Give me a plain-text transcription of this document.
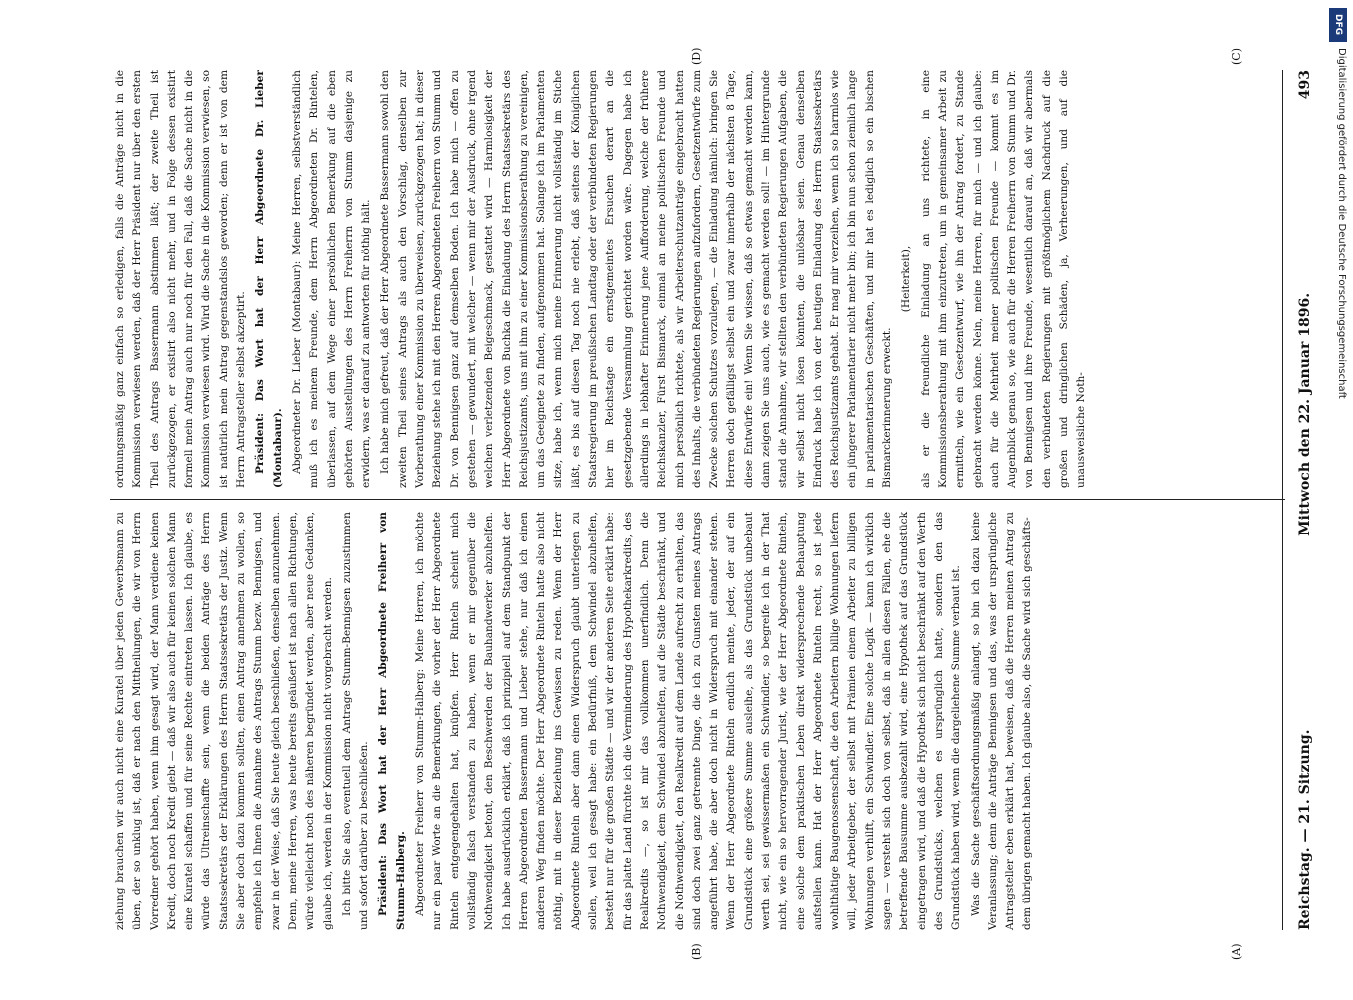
Reichstag. — 21. Sitzung.
Mittwoch den 22. Januar 1896.
493

ziehung brauchen wir auch nicht eine Kuratel über jeden Gewerbsmann zu üben, der so unklug ist, daß er nach den Mittheilungen, die wir von Herrn Vorredner gehört haben, wenn ihm gesagt wird, der Mann verdiene keinen Kredit, doch noch Kredit giebt — daß wir also auch für keinen solchen Mann eine Kuratel schaffen und für seine Rechte eintreten lassen. Ich glaube, es würde das Ultreinschaffte sein, wenn die beiden Anträge des Herrn Staatssekretärs der Erklärungen des Herrn Staatssekretärs der Justiz. Wenn Sie aber doch dazu kommen sollten, einen Antrag annehmen zu wollen, so empfehle ich Ihnen die Annahme des Antrags Stumm bezw. Bennigsen, und zwar in der Weise, daß Sie heute gleich beschließen, denselben anzunehmen. Denn, meine Herren, was heute bereits geäußert ist nach allen Richtungen, würde vielleicht noch des näheren begründet werden, aber neue Gedanken, glaube ich, werden in der Kommission nicht vorgebracht werden. Ich bitte Sie also, eventuell dem Antrage Stumm-Bennigsen zuzustimmen und sofort darüber zu beschließen. Präsident: Das Wort hat der Herr Abgeordnete Freiherr von Stumm-Halberg. Abgeordneter Freiherr von Stumm-Halberg: Meine Herren, ich möchte nur ein paar Worte an die Bemerkungen, die vorher der Herr Abgeordnete Rinteln entgegengehalten hat, knüpfen. Herr Rinteln scheint mich vollständig falsch verstanden zu haben, wenn er mir gegenüber die Nothwendigkeit betont, den Beschwerden der Bauhandwerker abzuhelfen. Ich habe ausdrücklich erklärt, daß ich prinzipiell auf dem Standpunkt der Herren Abgeordneten Bassermann und Lieber stehe, nur daß ich einen anderen Weg finden möchte. Der Herr Abgeordnete Rinteln hatte also nicht nöthig, mit in dieser Beziehung ins Gewissen zu reden. Wenn der Herr Abgeordnete Rinteln aber dann einen Widerspruch glaubt unterlegen zu sollen, weil ich gesagt habe: ein Bedürfniß, dem Schwindel abzuhelfen, besteht nur für die großen Städte — und wir der anderen Seite erklärt habe: für das platte Land fürchte ich die Verminderung des Hypothekarkredits, des Realkredits —, so ist mir das vollkommen unerfindlich. Denn die Nothwendigkeit, dem Schwindel abzuhelfen, auf die Städte beschränkt, und die Nothwendigkeit, den Realkredit auf dem Lande aufrecht zu erhalten, das sind doch zwei ganz getrennte Dinge, die ich zu Gunsten meines Antrags angeführt habe, die aber doch nicht in Widerspruch mit einander stehen. Wenn der Herr Abgeordnete Rinteln endlich meinte, jeder, der auf ein Grundstück eine größere Summe ausleihe, als das Grundstück unbebaut werth sei, sei gewissermaßen ein Schwindler, so begreife ich in der That nicht, wie ein so hervorragender Jurist, wie der Herr Abgeordnete Rinteln, eine solche dem praktischen Leben direkt widersprechende Behauptung aufstellen kann. Hat der Herr Abgeordnete Rinteln recht, so ist jede wohlthätige Baugenossenschaft, die den Arbeitern billige Wohnungen liefern will, jeder Arbeitgeber, der selbst mit Prämien einem Arbeiter zu billigen Wohnungen verhilft, ein Schwindler. Eine solche Logik — kann ich wirklich sagen — versteht sich doch von selbst, daß in allen diesen Fällen, ehe die betreffende Bausumme ausbezahlt wird, eine Hypothek auf das Grundstück eingetragen wird, und daß die Hypothek sich nicht beschränkt auf den Werth des Grundstücks, welchen es ursprünglich hatte, sondern den das Grundstück haben wird, wenn die dargeliehene Summe verbaut ist. Was die Sache geschäftsordnungsmäßig anlangt, so bin ich dazu keine Veranlassung; denn die Anträge Bennigsen und das, was der ursprüngliche Antragsteller eben erklärt hat, beweisen, daß die Herren meinen Antrag zu dem übrigen gemacht haben. Ich glaube also, die Sache wird sich geschäfts-

ordnungsmäßig ganz einfach so erledigen, falls die Anträge nicht in die Kommission verwiesen werden, daß der Herr Präsident nur über den ersten Theil des Antrags Bassermann abstimmen läßt; der zweite Theil ist zurückgezogen, er existirt also nicht mehr, und in Folge dessen existirt formell mein Antrag auch nur noch für den Fall, daß die Sache nicht in die Kommission verwiesen wird. Wird die Sache in die Kommission verwiesen, so ist natürlich mein Antrag gegenstandslos geworden; denn er ist von dem Herrn Antragsteller selbst akzeptirt. Präsident: Das Wort hat der Herr Abgeordnete Dr. Lieber (Montabaur). Abgeordneter Dr. Lieber (Montabaur): Meine Herren, selbstverständlich muß ich es meinem Freunde, dem Herrn Abgeordneten Dr. Rintelen, überlassen, auf dem Wege einer persönlichen Bemerkung auf die eben gehörten Ausstellungen des Herrn Freiherrn von Stumm dasjenige zu erwidern, was er darauf zu antworten für nöthig hält. Ich habe mich gefreut, daß der Herr Abgeordnete Bassermann sowohl den zweiten Theil seines Antrags als auch den Vorschlag, denselben zur Vorberathung einer Kommission zu überweisen, zurückgezogen hat; in dieser Beziehung stehe ich mit den Herren Abgeordneten Freiherrn von Stumm und Dr. von Bennigsen ganz auf demselben Boden. Ich habe mich — offen zu gestehen — gewundert, mit welcher — wenn mir der Ausdruck, ohne irgend welchen verletzenden Beigeschmack, gestattet wird — Harmlosigkeit der Herr Abgeordnete von Buchka die Einladung des Herrn Staatssekretärs des Reichsjustizamts, uns mit ihm zu einer Kommissionsberathung zu vereinigen, um das Geeignete zu finden, aufgenommen hat. Solange ich im Parlamenten sitze, habe ich, wenn mich meine Erinnerung nicht vollständig im Stiche läßt, es bis auf diesen Tag noch nie erlebt, daß seitens der Königlichen Staatsregierung im preußischen Landtag oder der verbündeten Regierungen hier im Reichstage ein ernstgemeintes Ersuchen derart an die gesetzgebende Versammlung gerichtet worden wäre. Dagegen habe ich allerdings in lebhafter Erinnerung jene Aufforderung, welche der frühere Reichskanzler, Fürst Bismarck, einmal an meine politischen Freunde und mich persönlich richtete, als wir Arbeiterschutzanträge eingebracht hatten des Inhalts, die verbündeten Regierungen aufzufordern, Gesetzentwürfe zum Zwecke solchen Schutzes vorzulegen, — die Einladung nämlich: bringen Sie Herren doch gefälligst selbst ein und zwar innerhalb der nächsten 8 Tage, diese Entwürfe ein! Wenn Sie wissen, daß so etwas gemacht werden kann, dann zeigen Sie uns auch, wie es gemacht werden soll! — im Hintergrunde stand die Annahme, wir stellten den verbündeten Regierungen Aufgaben, die wir selbst nicht lösen könnten, die unlösbar seien. Genau denselben Eindruck habe ich von der heutigen Einladung des Herrn Staatssekretärs des Reichsjustizamts gehabt. Er mag mir verzeihen, wenn ich so harmlos wie ein jüngerer Parlamentarier nicht mehr bin; ich bin nun schon ziemlich lange in parlamentarischen Geschäften, und mir hat es lediglich so ein bischen Bismarckerinnerung erweckt.

(Heiterkeit), als er die freundliche Einladung an uns richtete, in eine Kommissionsberathung mit ihm einzutreten, um in gemeinsamer Arbeit zu ermitteln, wie ein Gesetzentwurf, wie ihn der Antrag fordert, zu Stande gebracht werden könne. Nein, meine Herren, für mich — und ich glaube: auch für die Mehrheit meiner politischen Freunde — kommt es im Augenblick genau so, wie auch für die Herren Freiherrn von Stumm und Dr. von Bennigsen und ihre Freunde, wesentlich darauf an, daß wir abermals den verbündeten Regierungen mit größtmöglichem Nachdruck auf die großen und dringlichen Schäden, ja, Verheerungen, und auf die unausweisliche Noth-

(A)
(B)
(C)
(D)
DFG
Digitalisierung gefördert durch die Deutsche Forschungsgemeinschaft
